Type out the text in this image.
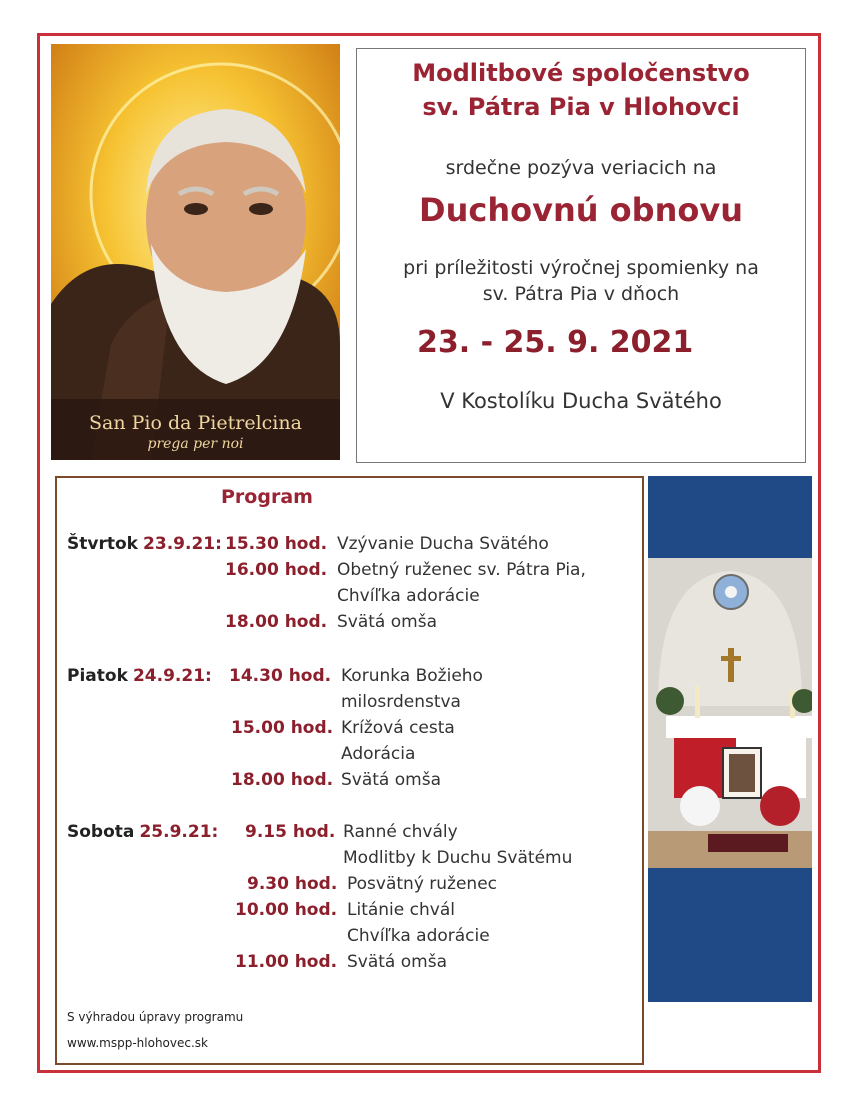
San Pio da Pietrelcina
prega per noi
Modlitbové spoločenstvo
sv. Pátra Pia v Hlohovci
srdečne pozýva veriacich na
Duchovnú obnovu
pri príležitosti výročnej spomienky na
sv. Pátra Pia v dňoch
23. - 25. 9. 2021
V Kostolíku Ducha Svätého
Program
Štvrtok 23.9.21: 15.30 hod. Vzývanie Ducha Svätého
16.00 hod. Obetný ruženec sv. Pátra Pia,
Chvíľka adorácie
18.00 hod. Svätá omša
Piatok 24.9.21: 14.30 hod. Korunka Božieho
milosrdenstva
15.00 hod. Krížová cesta
Adorácia
18.00 hod. Svätá omša
Sobota 25.9.21: 9.15 hod. Ranné chvály
Modlitby k Duchu Svätému
9.30 hod. Posvätný ruženec
10.00 hod. Litánie chvál
Chvíľka adorácie
11.00 hod. Svätá omša
S výhradou úpravy programu
www.mspp-hlohovec.sk
